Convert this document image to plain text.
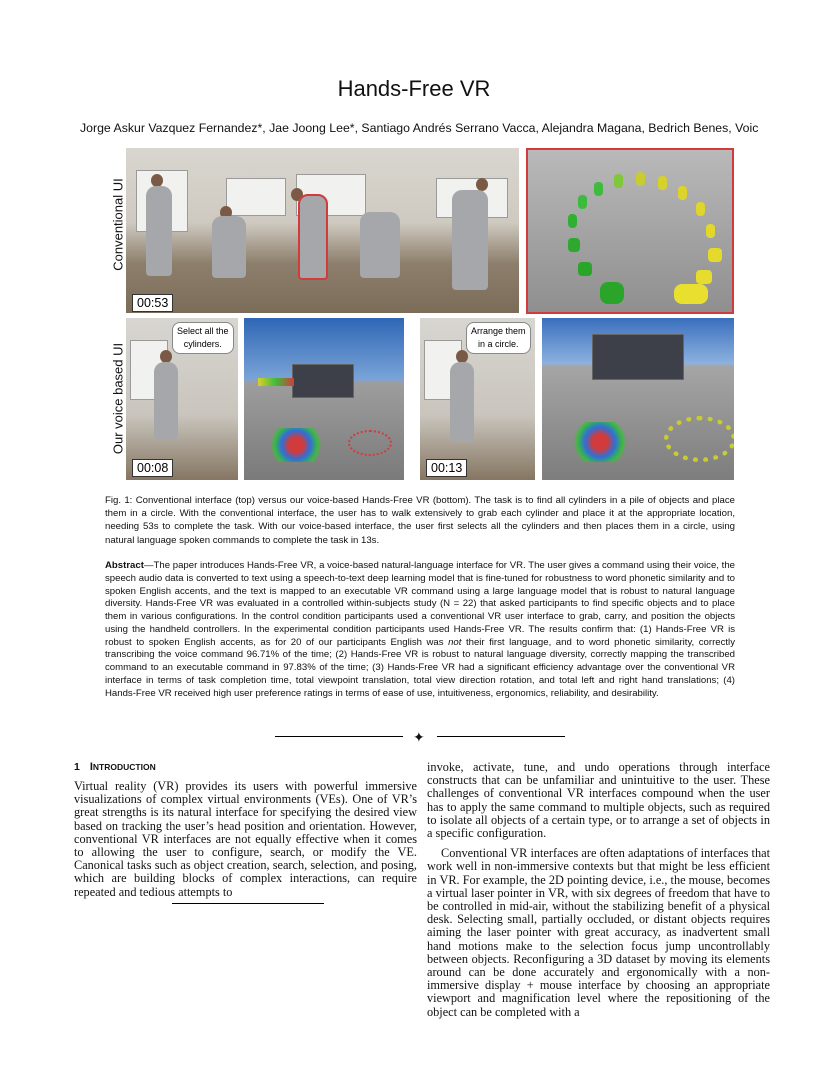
Hands-Free VR
Jorge Askur Vazquez Fernandez*, Jae Joong Lee*, Santiago Andrés Serrano Vacca, Alejandra Magana, Bedrich Benes, Voic
Conventional UI
Our voice based UI
00:53
Select all the
cylinders.
00:08
Arrange them
in a circle.
00:13
Fig. 1: Conventional interface (top) versus our voice-based Hands-Free VR (bottom). The task is to find all cylinders in a pile of objects and place them in a circle. With the conventional interface, the user has to walk extensively to grab each cylinder and place it at the appropriate location, needing 53s to complete the task. With our voice-based interface, the user first selects all the cylinders and then places them in a circle, using natural language spoken commands to complete the task in 13s.
Abstract—The paper introduces Hands-Free VR, a voice-based natural-language interface for VR. The user gives a command using their voice, the speech audio data is converted to text using a speech-to-text deep learning model that is fine-tuned for robustness to word phonetic similarity and to spoken English accents, and the text is mapped to an executable VR command using a large language model that is robust to natural language diversity. Hands-Free VR was evaluated in a controlled within-subjects study (N = 22) that asked participants to find specific objects and to place them in various configurations. In the control condition participants used a conventional VR user interface to grab, carry, and position the objects using the handheld controllers. In the experimental condition participants used Hands-Free VR. The results confirm that: (1) Hands-Free VR is robust to spoken English accents, as for 20 of our participants English was not their first language, and to word phonetic similarity, correctly transcribing the voice command 96.71% of the time; (2) Hands-Free VR is robust to natural language diversity, correctly mapping the transcribed command to an executable command in 97.83% of the time; (3) Hands-Free VR had a significant efficiency advantage over the conventional VR interface in terms of task completion time, total viewpoint translation, total view direction rotation, and total left and right hand translations; (4) Hands-Free VR received high user preference ratings in terms of ease of use, intuitiveness, ergonomics, reliability, and desirability.
✦
1 INTRODUCTION
Virtual reality (VR) provides its users with powerful immersive visualizations of complex virtual environments (VEs). One of VR’s great strengths is its natural interface for specifying the desired view based on tracking the user’s head position and orientation. However, conventional VR interfaces are not equally effective when it comes to allowing the user to configure, search, or modify the VE. Canonical tasks such as object creation, search, selection, and posing, which are building blocks of complex interactions, can require repeated and tedious attempts to

invoke, activate, tune, and undo operations through interface constructs that can be unfamiliar and unintuitive to the user. These challenges of conventional VR interfaces compound when the user has to apply the same command to multiple objects, such as required to isolate all objects of a certain type, or to arrange a set of objects in a specific configuration.

Conventional VR interfaces are often adaptations of interfaces that work well in non-immersive contexts but that might be less efficient in VR. For example, the 2D pointing device, i.e., the mouse, becomes a virtual laser pointer in VR, with six degrees of freedom that have to be controlled in mid-air, without the stabilizing benefit of a physical desk. Selecting small, partially occluded, or distant objects requires aiming the laser pointer with great accuracy, as inadvertent small hand motions make to the selection focus jump uncontrollably between objects. Reconfiguring a 3D dataset by moving its elements around can be done accurately and ergonomically with a non-immersive display + mouse interface by choosing an appropriate viewport and magnification level where the repositioning of the object can be completed with a
